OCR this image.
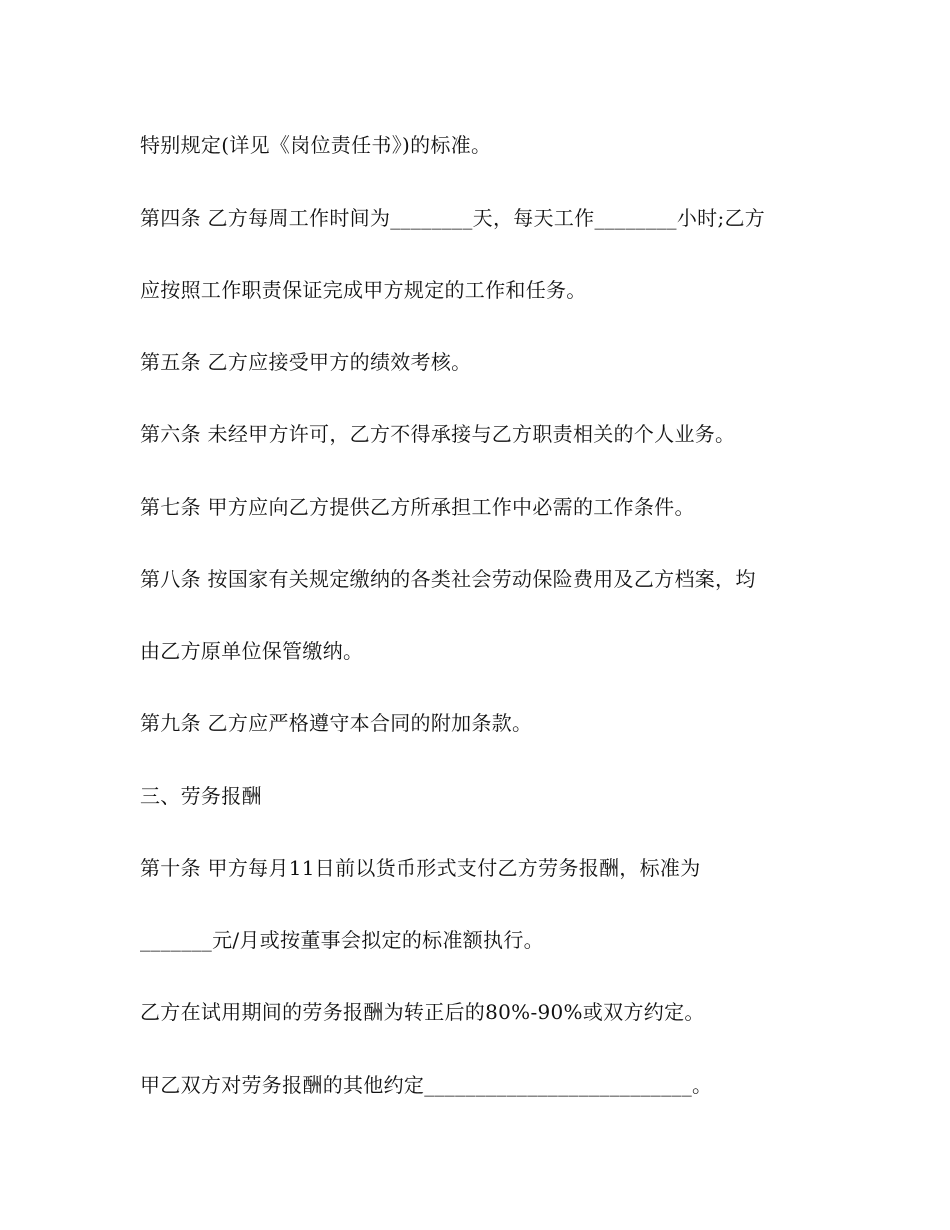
特别规定(详见《岗位责任书》)的标准。
第四条 乙方每周工作时间为________天，每天工作________小时;乙方
应按照工作职责保证完成甲方规定的工作和任务。
第五条 乙方应接受甲方的绩效考核。
第六条 未经甲方许可，乙方不得承接与乙方职责相关的个人业务。
第七条 甲方应向乙方提供乙方所承担工作中必需的工作条件。
第八条 按国家有关规定缴纳的各类社会劳动保险费用及乙方档案，均
由乙方原单位保管缴纳。
第九条 乙方应严格遵守本合同的附加条款。
三、劳务报酬
第十条 甲方每月11日前以货币形式支付乙方劳务报酬，标准为
_______元/月或按董事会拟定的标准额执行。
乙方在试用期间的劳务报酬为转正后的80%-90%或双方约定。
甲乙双方对劳务报酬的其他约定__________________________。
